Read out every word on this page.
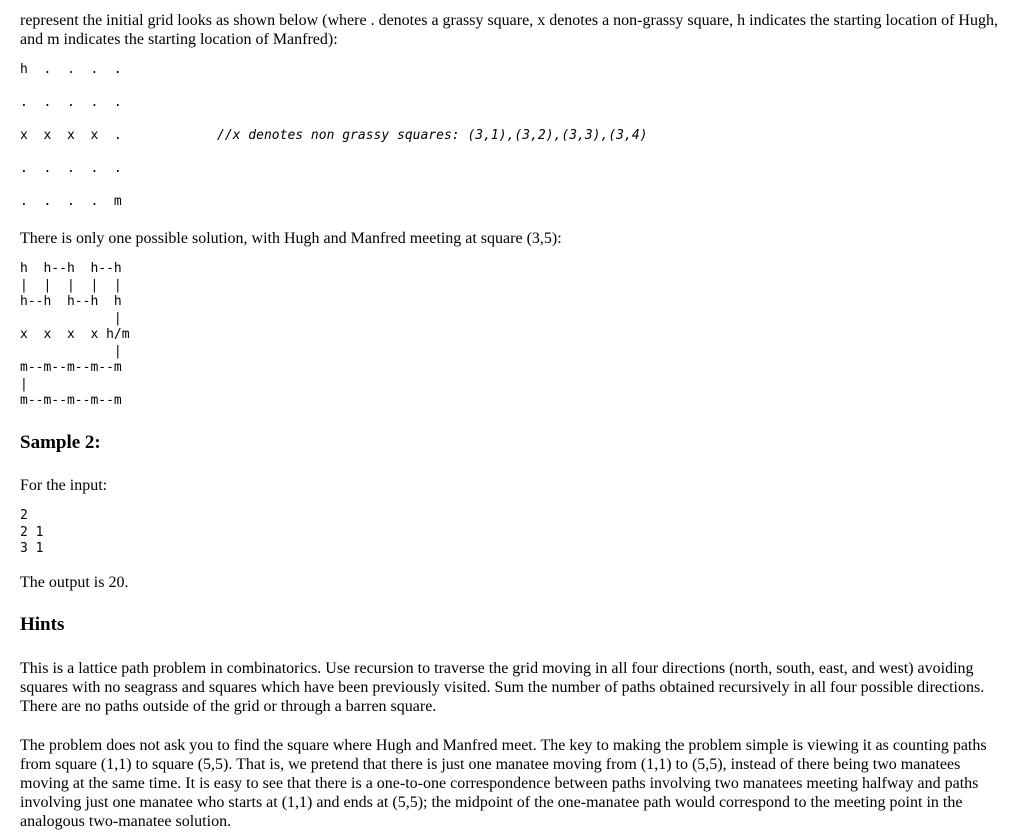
represent the initial grid looks as shown below (where . denotes a grassy square, x denotes a non-grassy square, h indicates the starting location of Hugh, and m indicates the starting location of Manfred):

h  .  .  .  .
.  .  .  .  .
x  x  x  x  .
.  .  .  .  .
.  .  .  .  m
//x denotes non grassy squares: (3,1),(3,2),(3,3),(3,4)

There is only one possible solution, with Hugh and Manfred meeting at square (3,5):

h  h--h  h--h
|  |  |  |  |
h--h  h--h  h
|
x  x  x  x h/m
|
m--m--m--m--m
|
m--m--m--m--m
Sample 2:

For the input:

2
2 1
3 1

The output is 20.

Hints

This is a lattice path problem in combinatorics. Use recursion to traverse the grid moving in all four directions (north, south, east, and west) avoiding squares with no seagrass and squares which have been previously visited. Sum the number of paths obtained recursively in all four possible directions. There are no paths outside of the grid or through a barren square.

The problem does not ask you to find the square where Hugh and Manfred meet. The key to making the problem simple is viewing it as counting paths from square (1,1) to square (5,5). That is, we pretend that there is just one manatee moving from (1,1) to (5,5), instead of there being two manatees moving at the same time. It is easy to see that there is a one-to-one correspondence between paths involving two manatees meeting halfway and paths involving just one manatee who starts at (1,1) and ends at (5,5); the midpoint of the one-manatee path would correspond to the meeting point in the analogous two-manatee solution.
